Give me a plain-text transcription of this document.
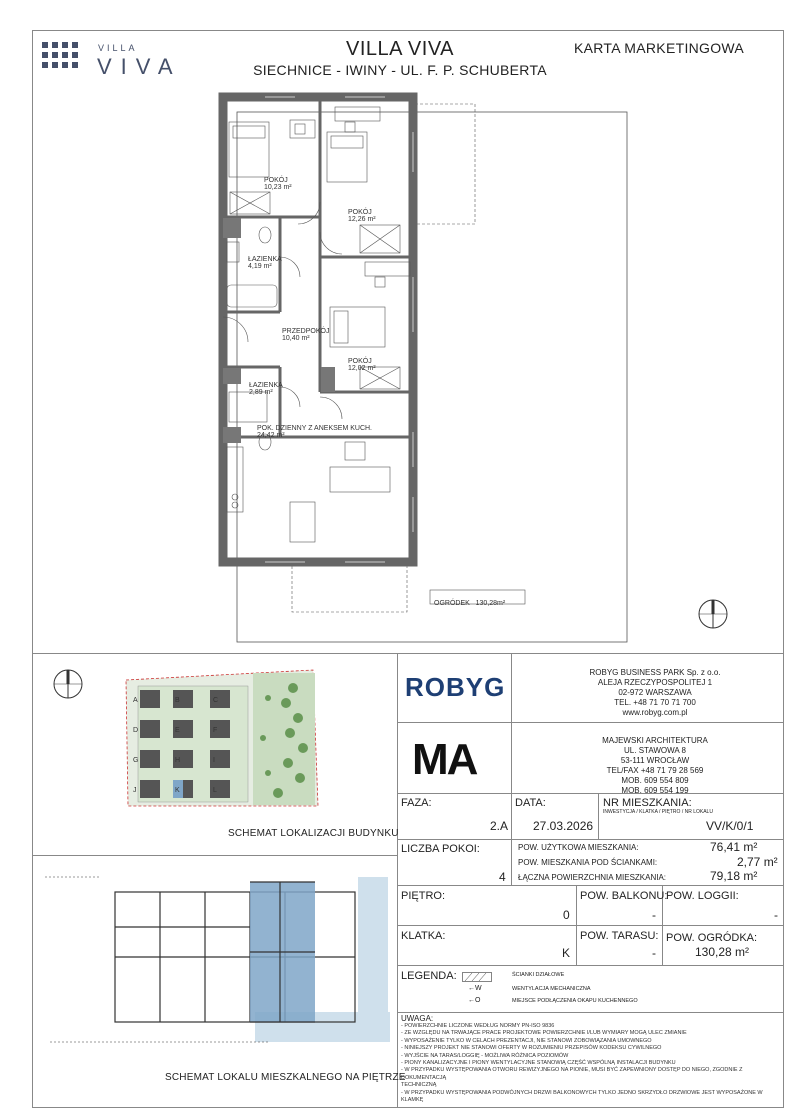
VILLA
VIVA
VILLA VIVA
SIECHNICE - IWINY - UL. F. P. SCHUBERTA
KARTA MARKETINGOWA
POKÓJ
10,23 m²
POKÓJ
12,26 m²
ŁAZIENKA
4,19 m²
PRZEDPOKÓJ
10,40 m²
POKÓJ
12,02 m²
ŁAZIENKA
2,89 m²
POK. DZIENNY Z ANEKSEM KUCH.
24,42 m²
OGRÓDEK 130,28m²
A	B	C
D	E	F
G	H	I
J	K	L
SCHEMAT LOKALIZACJI BUDYNKU
SCHEMAT LOKALU MIESZKALNEGO NA PIĘTRZE
ROBYG	ROBYG BUSINESS PARK Sp. z o.o.
ALEJA RZECZYPOSPOLITEJ 1
02-972 WARSZAWA
TEL. +48 71 70 71 700
www.robyg.com.pl
MA	MAJEWSKI ARCHITEKTURA
UL. STAWOWA 8
53-111 WROCŁAW
TEL/FAX +48 71 79 28 569
MOB. 609 554 809
MOB. 609 554 199
FAZA:
2.A
DATA:
27.03.2026
NR MIESZKANIA:
INWESTYCJA / KLATKA / PIĘTRO / NR LOKALU
VV/K/0/1
LICZBA POKOI:
4
POW. UŻYTKOWA MIESZKANIA:	76,41 m²
POW. MIESZKANIA POD ŚCIANKAMI:	2,77 m²
ŁĄCZNA POWIERZCHNIA MIESZKANIA:	79,18 m²
PIĘTRO:
0
POW. BALKONU:
-
POW. LOGGII:
-
KLATKA:
K
POW. TARASU:
-
POW. OGRÓDKA:
130,28 m²
LEGENDA:	ŚCIANKI DZIAŁOWE
←W	WENTYLACJA MECHANICZNA
←O	MIEJSCE PODŁĄCZENIA OKAPU KUCHENNEGO
UWAGA:
- POWIERZCHNIE LICZONE WEDŁUG NORMY PN-ISO 9836
- ZE WZGLĘDU NA TRWAJĄCE PRACE PROJEKTOWE POWIERZCHNIE I/LUB WYMIARY MOGĄ ULEC ZMIANIE
- WYPOSAŻENIE TYLKO W CELACH PREZENTACJI, NIE STANOWI ZOBOWIĄZANIA UMOWNEGO
- NINIEJSZY PROJEKT NIE STANOWI OFERTY W ROZUMIENIU PRZEPISÓW KODEKSU CYWILNEGO
- WYJŚCIE NA TARAS/LOGGIĘ - MOŻLIWA RÓŻNICA POZIOMÓW
- PIONY KANALIZACYJNE I PIONY WENTYLACYJNE STANOWIĄ CZĘŚĆ WSPÓLNĄ INSTALACJI BUDYNKU
- W PRZYPADKU WYSTĘPOWANIA OTWORU REWIZYJNEGO NA PIONIE, MUSI BYĆ ZAPEWNIONY DOSTĘP DO NIEGO, ZGODNIE Z DOKUMENTACJĄ
TECHNICZNĄ
- W PRZYPADKU WYSTĘPOWANIA PODWÓJNYCH DRZWI BALKONOWYCH TYLKO JEDNO SKRZYDŁO DRZWIOWE JEST WYPOSAŻONE W KLAMKĘ
